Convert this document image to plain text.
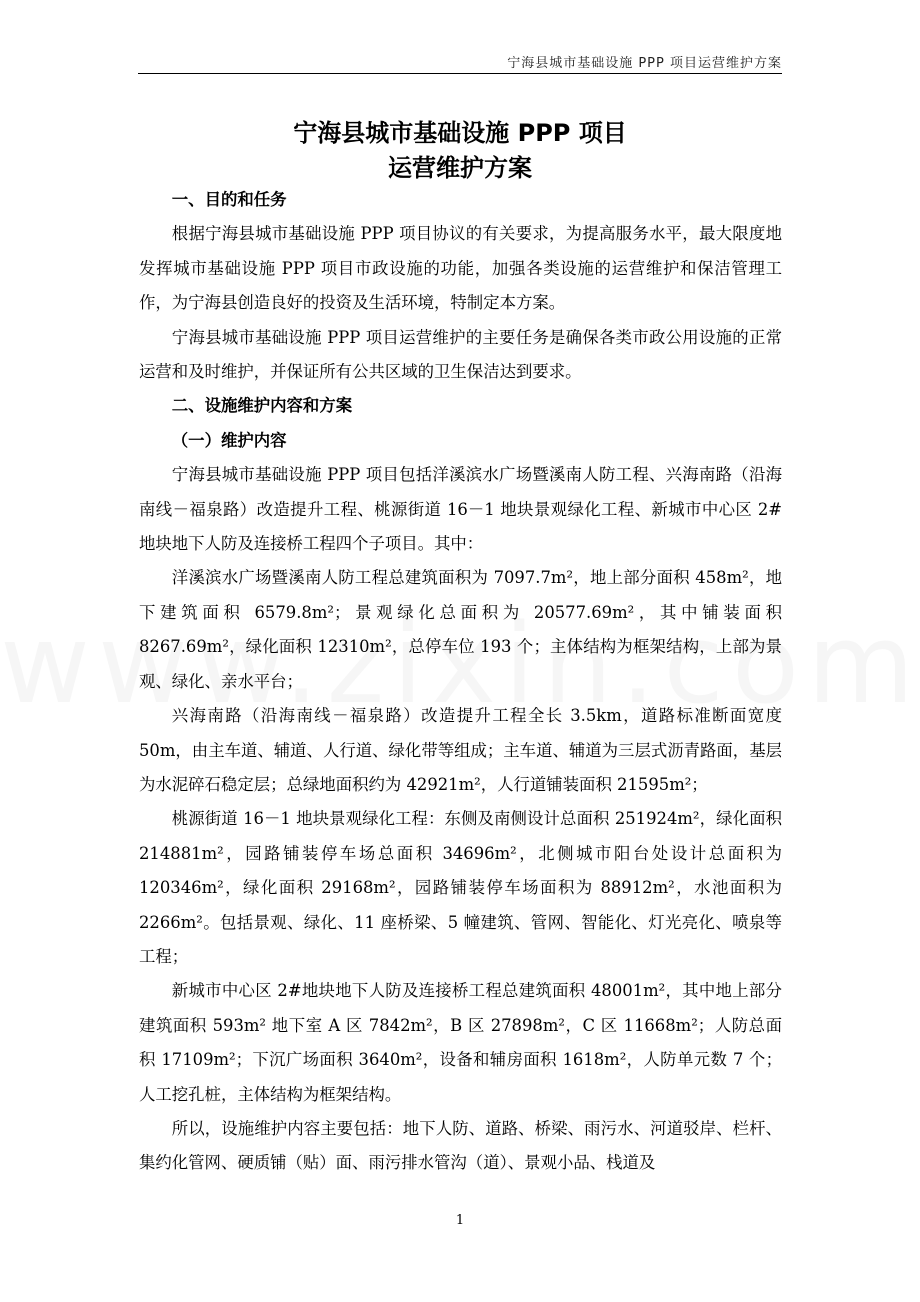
宁海县城市基础设施 PPP 项目运营维护方案
宁海县城市基础设施 PPP 项目
运营维护方案

一、目的和任务

根据宁海县城市基础设施 PPP 项目协议的有关要求，为提高服务水平，最大限度地发挥城市基础设施 PPP 项目市政设施的功能，加强各类设施的运营维护和保洁管理工作，为宁海县创造良好的投资及生活环境，特制定本方案。

宁海县城市基础设施 PPP 项目运营维护的主要任务是确保各类市政公用设施的正常运营和及时维护，并保证所有公共区域的卫生保洁达到要求。

二、设施维护内容和方案

（一）维护内容

宁海县城市基础设施 PPP 项目包括洋溪滨水广场暨溪南人防工程、兴海南路（沿海南线－福泉路）改造提升工程、桃源街道 16－1 地块景观绿化工程、新城市中心区 2#地块地下人防及连接桥工程四个子项目。其中：

洋溪滨水广场暨溪南人防工程总建筑面积为 7097.7m²，地上部分面积 458m²，地下建筑面积 6579.8m²；景观绿化总面积为 20577.69m²，其中铺装面积 8267.69m²，绿化面积 12310m²，总停车位 193 个；主体结构为框架结构，上部为景观、绿化、亲水平台；

兴海南路（沿海南线－福泉路）改造提升工程全长 3.5km，道路标准断面宽度 50m，由主车道、辅道、人行道、绿化带等组成；主车道、辅道为三层式沥青路面，基层为水泥碎石稳定层；总绿地面积约为 42921m²，人行道铺装面积 21595m²；

桃源街道 16－1 地块景观绿化工程：东侧及南侧设计总面积 251924m²，绿化面积 214881m²，园路铺装停车场总面积 34696m²，北侧城市阳台处设计总面积为 120346m²，绿化面积 29168m²，园路铺装停车场面积为 88912m²，水池面积为 2266m²。包括景观、绿化、11 座桥梁、5 幢建筑、管网、智能化、灯光亮化、喷泉等工程；

新城市中心区 2#地块地下人防及连接桥工程总建筑面积 48001m²，其中地上部分建筑面积 593m² 地下室 A 区 7842m²，B 区 27898m²，C 区 11668m²；人防总面积 17109m²；下沉广场面积 3640m²，设备和辅房面积 1618m²，人防单元数 7 个；人工挖孔桩，主体结构为框架结构。

所以，设施维护内容主要包括：地下人防、道路、桥梁、雨污水、河道驳岸、栏杆、集约化管网、硬质铺（贴）面、雨污排水管沟（道）、景观小品、栈道及

1
